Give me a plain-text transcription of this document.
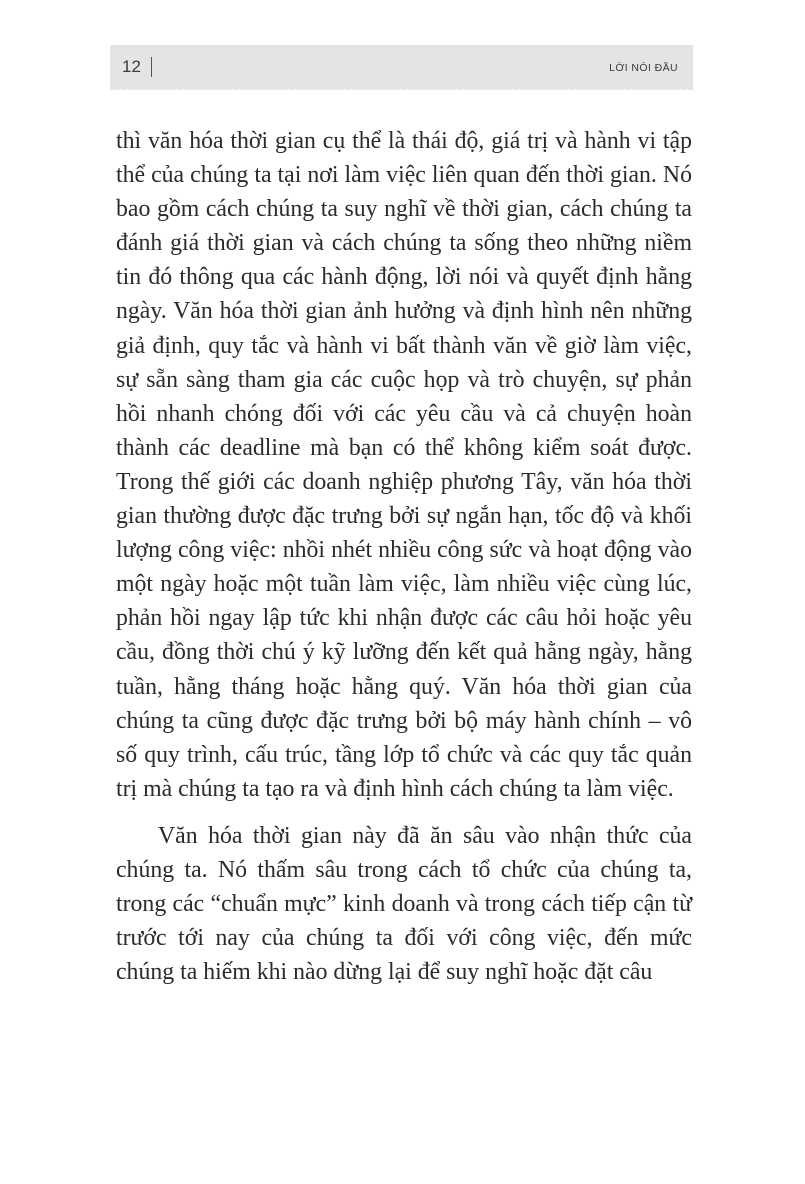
12	LỜI NÓI ĐẦU

thì văn hóa thời gian cụ thể là thái độ, giá trị và hành vi tập thể của chúng ta tại nơi làm việc liên quan đến thời gian. Nó bao gồm cách chúng ta suy nghĩ về thời gian, cách chúng ta đánh giá thời gian và cách chúng ta sống theo những niềm tin đó thông qua các hành động, lời nói và quyết định hằng ngày. Văn hóa thời gian ảnh hưởng và định hình nên những giả định, quy tắc và hành vi bất thành văn về giờ làm việc, sự sẵn sàng tham gia các cuộc họp và trò chuyện, sự phản hồi nhanh chóng đối với các yêu cầu và cả chuyện hoàn thành các deadline mà bạn có thể không kiểm soát được. Trong thế giới các doanh nghiệp phương Tây, văn hóa thời gian thường được đặc trưng bởi sự ngắn hạn, tốc độ và khối lượng công việc: nhồi nhét nhiều công sức và hoạt động vào một ngày hoặc một tuần làm việc, làm nhiều việc cùng lúc, phản hồi ngay lập tức khi nhận được các câu hỏi hoặc yêu cầu, đồng thời chú ý kỹ lưỡng đến kết quả hằng ngày, hằng tuần, hằng tháng hoặc hằng quý. Văn hóa thời gian của chúng ta cũng được đặc trưng bởi bộ máy hành chính – vô số quy trình, cấu trúc, tầng lớp tổ chức và các quy tắc quản trị mà chúng ta tạo ra và định hình cách chúng ta làm việc.

Văn hóa thời gian này đã ăn sâu vào nhận thức của chúng ta. Nó thấm sâu trong cách tổ chức của chúng ta, trong các “chuẩn mực” kinh doanh và trong cách tiếp cận từ trước tới nay của chúng ta đối với công việc, đến mức chúng ta hiếm khi nào dừng lại để suy nghĩ hoặc đặt câu
